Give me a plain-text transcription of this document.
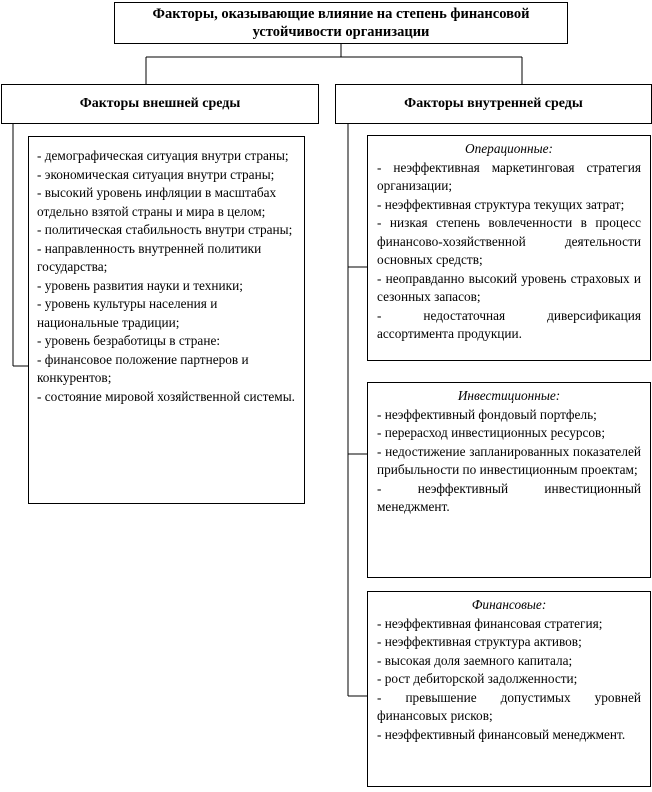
Факторы, оказывающие влияние на степень финансовой устойчивости организации
Факторы внешней среды	Факторы внутренней среды
- демографическая ситуация внутри страны;
- экономическая ситуация внутри страны;
- высокий уровень инфляции в масштабах отдельно взятой страны и мира в целом;
- политическая стабильность внутри страны;
- направленность внутренней политики государства;
- уровень развития науки и техники;
- уровень культуры населения и национальные традиции;
- уровень безработицы в стране:
- финансовое положение партнеров и конкурентов;
- состояние мировой хозяйственной системы.
Операционные:
- неэффективная маркетинговая стратегия организации;
- неэффективная структура текущих затрат;
- низкая степень вовлеченности в процесс финансово-хозяйственной деятельности основных средств;
- неоправданно высокий уровень страховых и сезонных запасов;
- недостаточная диверсификация ассортимента продукции.
Инвестиционные:
- неэффективный фондовый портфель;
- перерасход инвестиционных ресурсов;
- недостижение запланированных показателей прибыльности по инвестиционным проектам;
- неэффективный инвестиционный менеджмент.
Финансовые:
- неэффективная финансовая стратегия;
- неэффективная структура активов;
- высокая доля заемного капитала;
- рост дебиторской задолженности;
- превышение допустимых уровней финансовых рисков;
- неэффективный финансовый менеджмент.
